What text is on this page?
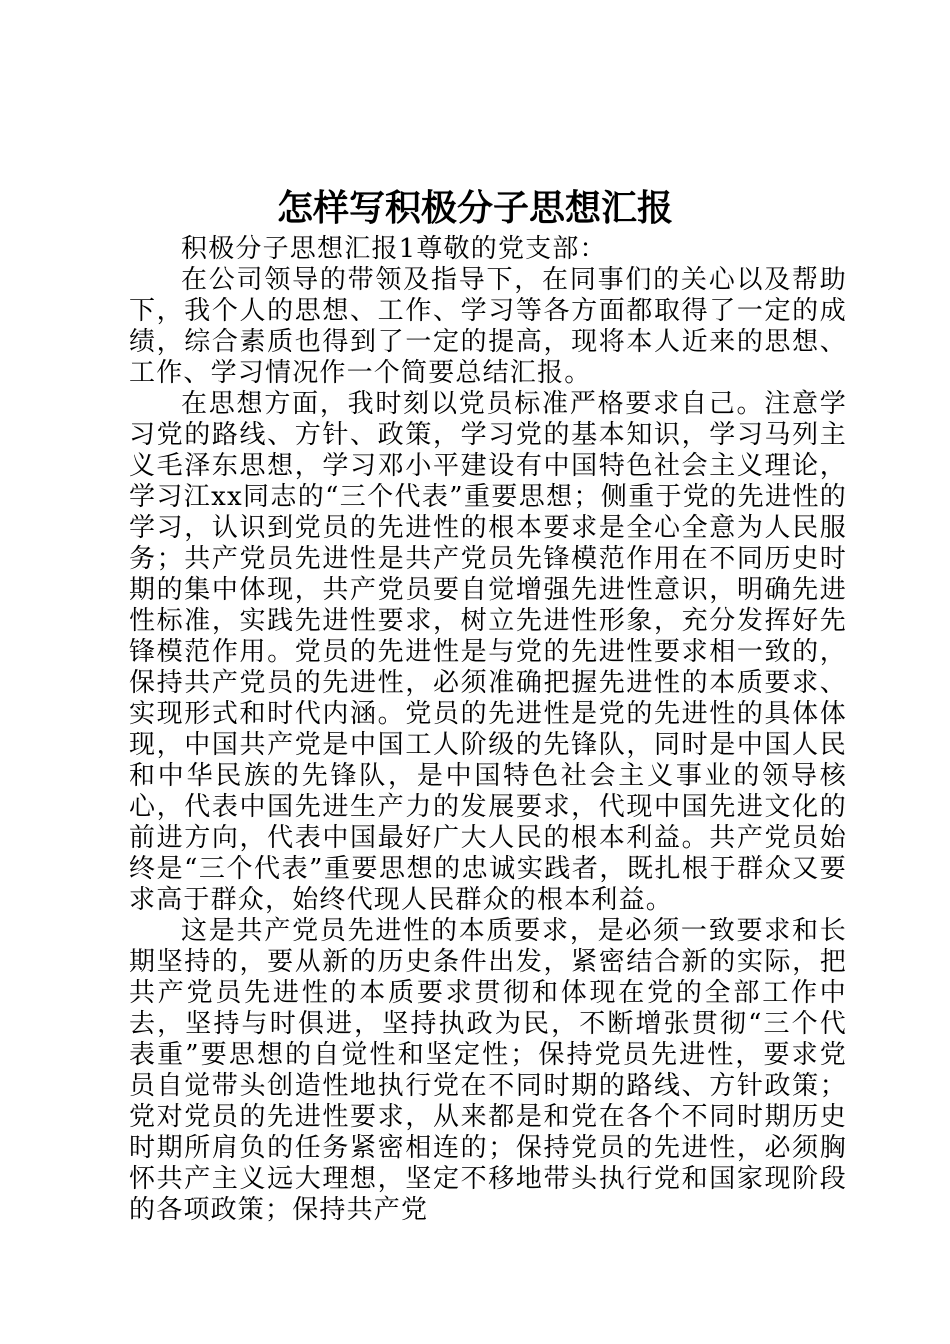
怎样写积极分子思想汇报

积极分子思想汇报1尊敬的党支部：

在公司领导的带领及指导下，在同事们的关心以及帮助下，我个人的思想、工作、学习等各方面都取得了一定的成绩，综合素质也得到了一定的提高，现将本人近来的思想、工作、学习情况作一个简要总结汇报。

在思想方面，我时刻以党员标准严格要求自己。注意学习党的路线、方针、政策，学习党的基本知识，学习马列主义毛泽东思想，学习邓小平建设有中国特色社会主义理论，学习江xx同志的“三个代表”重要思想；侧重于党的先进性的学习，认识到党员的先进性的根本要求是全心全意为人民服务；共产党员先进性是共产党员先锋模范作用在不同历史时期的集中体现，共产党员要自觉增强先进性意识，明确先进性标准，实践先进性要求，树立先进性形象，充分发挥好先锋模范作用。党员的先进性是与党的先进性要求相一致的，保持共产党员的先进性，必须准确把握先进性的本质要求、实现形式和时代内涵。党员的先进性是党的先进性的具体体现，中国共产党是中国工人阶级的先锋队，同时是中国人民和中华民族的先锋队，是中国特色社会主义事业的领导核心，代表中国先进生产力的发展要求，代现中国先进文化的前进方向，代表中国最好广大人民的根本利益。共产党员始终是“三个代表”重要思想的忠诚实践者，既扎根于群众又要求高于群众，始终代现人民群众的根本利益。

这是共产党员先进性的本质要求，是必须一致要求和长期坚持的，要从新的历史条件出发，紧密结合新的实际，把共产党员先进性的本质要求贯彻和体现在党的全部工作中去，坚持与时俱进，坚持执政为民，不断增张贯彻“三个代表重”要思想的自觉性和坚定性；保持党员先进性，要求党员自觉带头创造性地执行党在不同时期的路线、方针政策；党对党员的先进性要求，从来都是和党在各个不同时期历史时期所肩负的任务紧密相连的；保持党员的先进性，必须胸怀共产主义远大理想，坚定不移地带头执行党和国家现阶段的各项政策；保持共产党
